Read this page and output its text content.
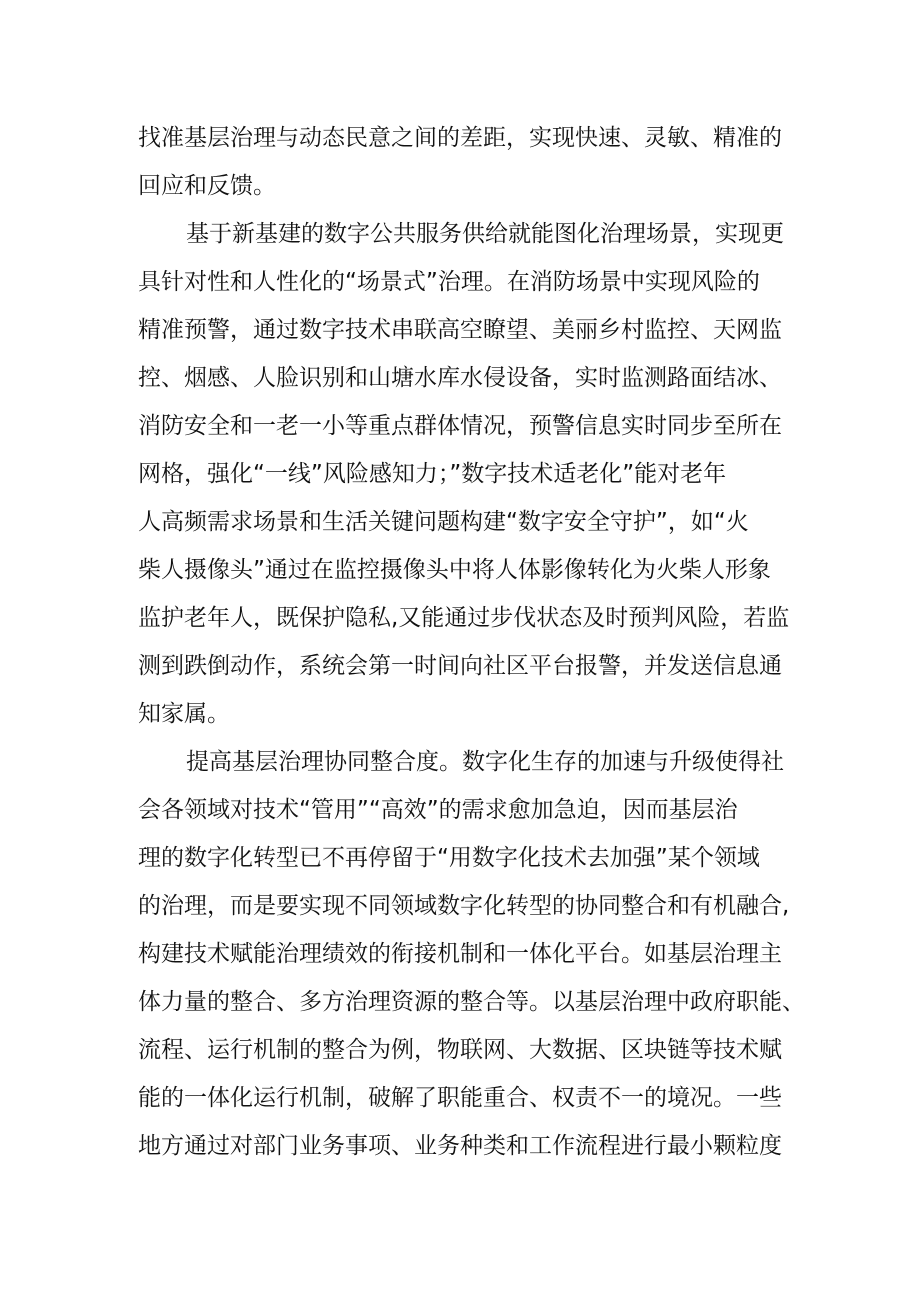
找准基层治理与动态民意之间的差距，实现快速、灵敏、精准的

回应和反馈。

基于新基建的数字公共服务供给就能图化治理场景，实现更

具针对性和人性化的“场景式”治理。在消防场景中实现风险的

精准预警，通过数字技术串联高空瞭望、美丽乡村监控、天网监

控、烟感、人脸识别和山塘水库水侵设备，实时监测路面结冰、

消防安全和一老一小等重点群体情况，预警信息实时同步至所在

网格，强化“一线”风险感知力；”数字技术适老化”能对老年

人高频需求场景和生活关键问题构建“数字安全守护”，如“火

柴人摄像头”通过在监控摄像头中将人体影像转化为火柴人形象

监护老年人，既保护隐私,又能通过步伐状态及时预判风险，若监

测到跌倒动作，系统会第一时间向社区平台报警，并发送信息通

知家属。

提高基层治理协同整合度。数字化生存的加速与升级使得社

会各领域对技术“管用”“高效”的需求愈加急迫，因而基层治

理的数字化转型已不再停留于“用数字化技术去加强”某个领域

的治理，而是要实现不同领域数字化转型的协同整合和有机融合,

构建技术赋能治理绩效的衔接机制和一体化平台。如基层治理主

体力量的整合、多方治理资源的整合等。以基层治理中政府职能、

流程、运行机制的整合为例，物联网、大数据、区块链等技术赋

能的一体化运行机制，破解了职能重合、权责不一的境况。一些

地方通过对部门业务事项、业务种类和工作流程进行最小颗粒度
